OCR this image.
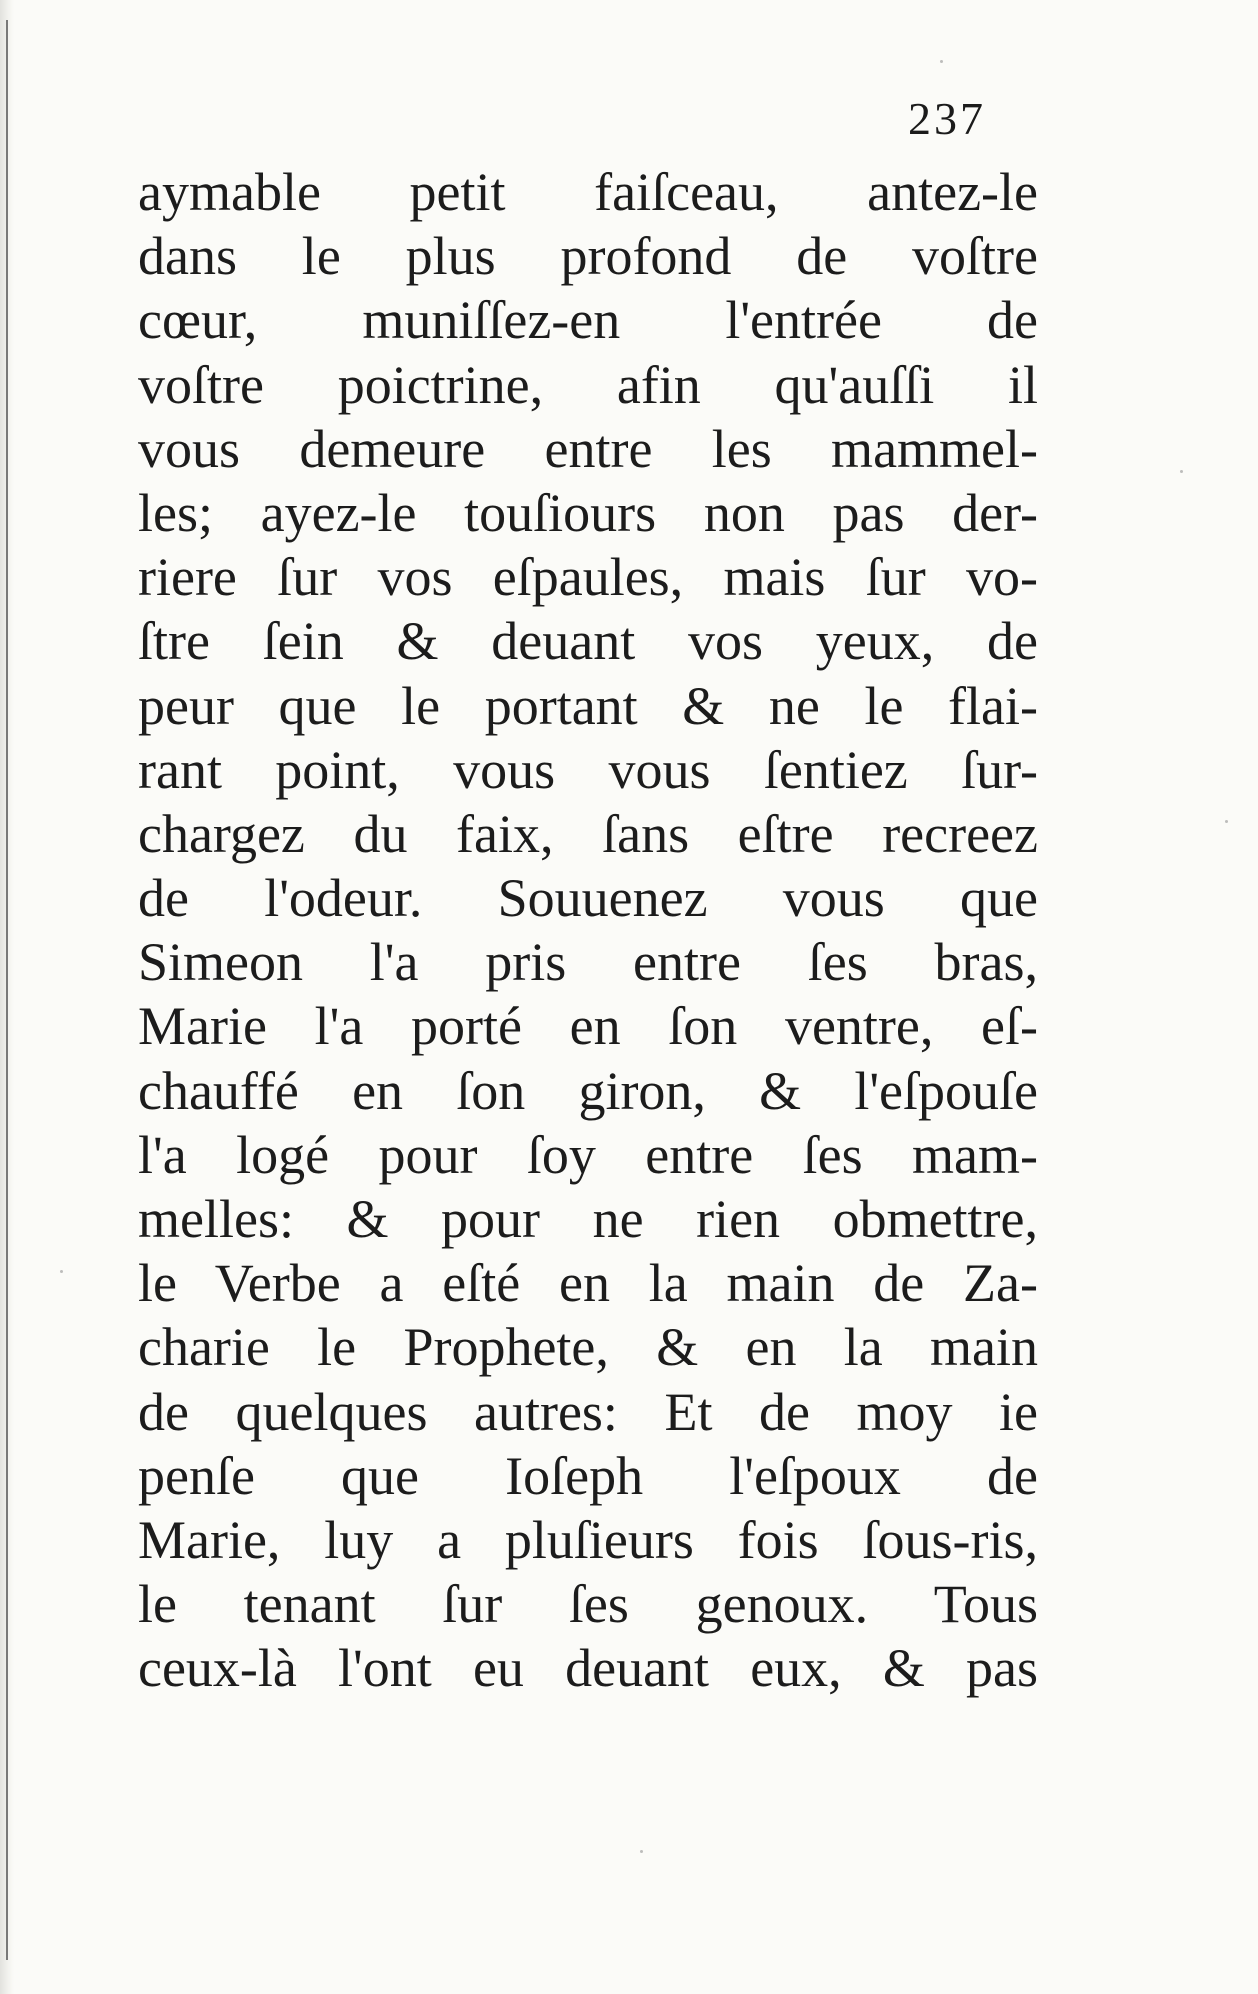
237
aymable petit faiſceau, antez-le
dans le plus profond de voſtre
cœur, muniſſez-en l'entrée de
voſtre poictrine, afin qu'auſſi il
vous demeure entre les mammel-
les; ayez-le touſiours non pas der-
riere ſur vos eſpaules, mais ſur vo-
ſtre ſein & deuant vos yeux, de
peur que le portant & ne le flai-
rant point, vous vous ſentiez ſur-
chargez du faix, ſans eſtre recreez
de l'odeur. Souuenez vous que
Simeon l'a pris entre ſes bras,
Marie l'a porté en ſon ventre, eſ-
chauffé en ſon giron, & l'eſpouſe
l'a logé pour ſoy entre ſes mam-
melles: & pour ne rien obmettre,
le Verbe a eſté en la main de Za-
charie le Prophete, & en la main
de quelques autres: Et de moy ie
penſe que Ioſeph l'eſpoux de
Marie, luy a pluſieurs fois ſous-ris,
le tenant ſur ſes genoux. Tous
ceux-là l'ont eu deuant eux, & pas
